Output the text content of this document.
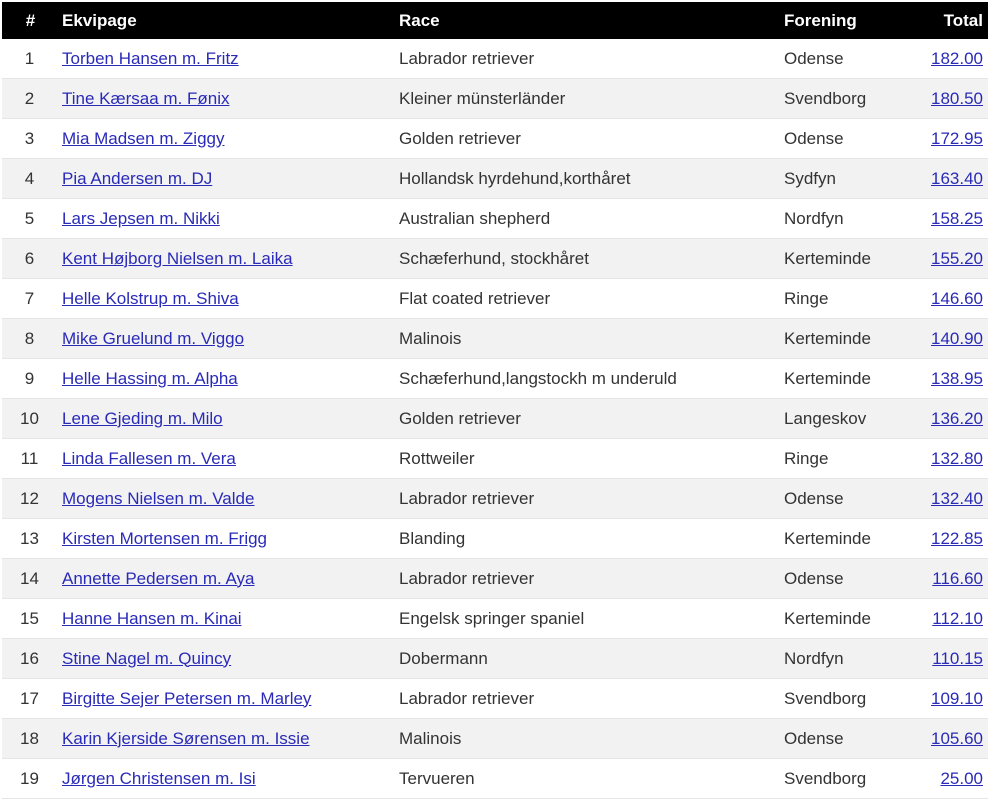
#	Ekvipage	Race	Forening	Total
1	Torben Hansen m. Fritz	Labrador retriever	Odense	182.00
2	Tine Kærsaa m. Fønix	Kleiner münsterländer	Svendborg	180.50
3	Mia Madsen m. Ziggy	Golden retriever	Odense	172.95
4	Pia Andersen m. DJ	Hollandsk hyrdehund,korthåret	Sydfyn	163.40
5	Lars Jepsen m. Nikki	Australian shepherd	Nordfyn	158.25
6	Kent Højborg Nielsen m. Laika	Schæferhund, stockhåret	Kerteminde	155.20
7	Helle Kolstrup m. Shiva	Flat coated retriever	Ringe	146.60
8	Mike Gruelund m. Viggo	Malinois	Kerteminde	140.90
9	Helle Hassing m. Alpha	Schæferhund,langstockh m underuld	Kerteminde	138.95
10	Lene Gjeding m. Milo	Golden retriever	Langeskov	136.20
11	Linda Fallesen m. Vera	Rottweiler	Ringe	132.80
12	Mogens Nielsen m. Valde	Labrador retriever	Odense	132.40
13	Kirsten Mortensen m. Frigg	Blanding	Kerteminde	122.85
14	Annette Pedersen m. Aya	Labrador retriever	Odense	116.60
15	Hanne Hansen m. Kinai	Engelsk springer spaniel	Kerteminde	112.10
16	Stine Nagel m. Quincy	Dobermann	Nordfyn	110.15
17	Birgitte Sejer Petersen m. Marley	Labrador retriever	Svendborg	109.10
18	Karin Kjerside Sørensen m. Issie	Malinois	Odense	105.60
19	Jørgen Christensen m. Isi	Tervueren	Svendborg	25.00
